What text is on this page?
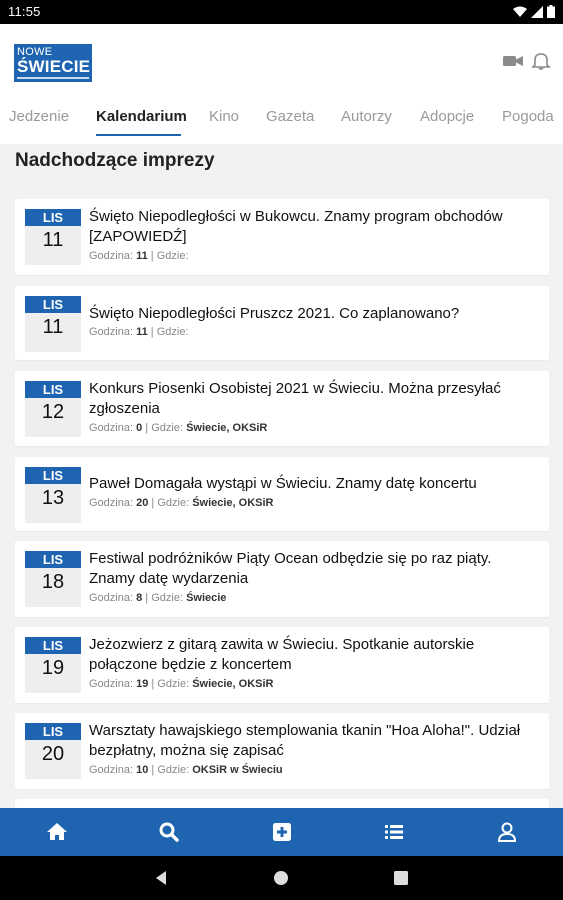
11:55
NOWE
ŚWIECIE
Jedzenie Kalendarium Kino Gazeta Autorzy Adopcje Pogoda
Nadchodzące imprezy
LIS
11
Święto Niepodległości w Bukowcu. Znamy program obchodów [ZAPOWIEDŹ]
Godzina: 11 | Gdzie:
LIS
11
Święto Niepodległości Pruszcz 2021. Co zaplanowano?
Godzina: 11 | Gdzie:
LIS
12
Konkurs Piosenki Osobistej 2021 w Świeciu. Można przesyłać zgłoszenia
Godzina: 0 | Gdzie: Świecie, OKSiR
LIS
13
Paweł Domagała wystąpi w Świeciu. Znamy datę koncertu
Godzina: 20 | Gdzie: Świecie, OKSiR
LIS
18
Festiwal podróżników Piąty Ocean odbędzie się po raz piąty. Znamy datę wydarzenia
Godzina: 8 | Gdzie: Świecie
LIS
19
Jeżozwierz z gitarą zawita w Świeciu. Spotkanie autorskie połączone będzie z koncertem
Godzina: 19 | Gdzie: Świecie, OKSiR
LIS
20
Warsztaty hawajskiego stemplowania tkanin "Hoa Aloha!". Udział bezpłatny, można się zapisać
Godzina: 10 | Gdzie: OKSiR w Świeciu
